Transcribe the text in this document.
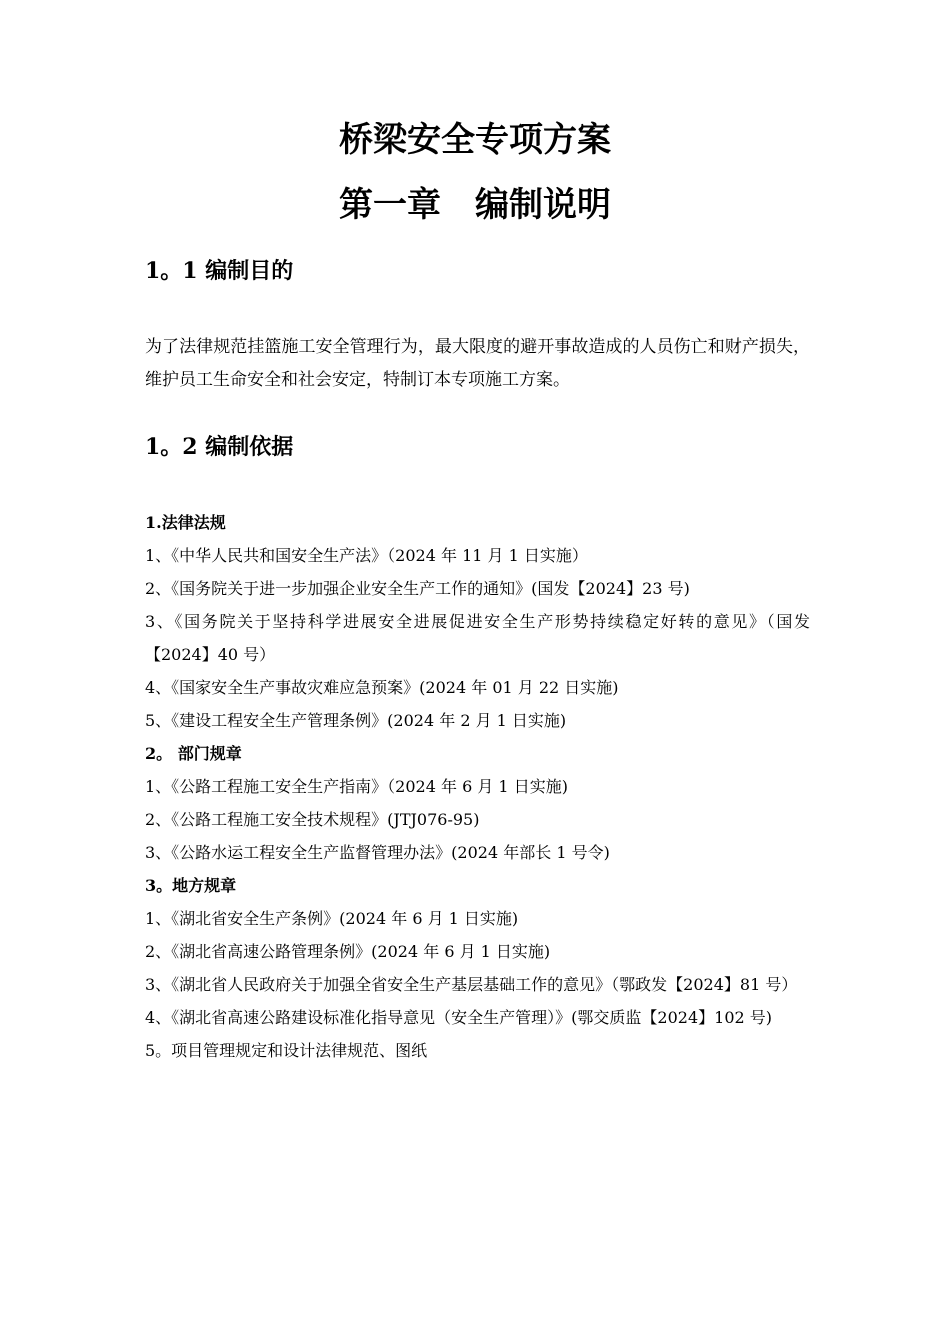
桥梁安全专项方案
第一章　编制说明
1。1 编制目的
为了法律规范挂篮施工安全管理行为，最大限度的避开事故造成的人员伤亡和财产损失，维护员工生命安全和社会安定，特制订本专项施工方案。
1。2 编制依据

1.法律法规

1、《中华人民共和国安全生产法》（2024 年 11 月 1 日实施）

2、《国务院关于进一步加强企业安全生产工作的通知》(国发【2024】23 号)

3、《国务院关于坚持科学进展安全进展促进安全生产形势持续稳定好转的意见》（国发【2024】40 号）

4、《国家安全生产事故灾难应急预案》(2024 年 01 月 22 日实施)

5、《建设工程安全生产管理条例》(2024 年 2 月 1 日实施)

2。 部门规章

1、《公路工程施工安全生产指南》（2024 年 6 月 1 日实施)

2、《公路工程施工安全技术规程》(JTJ076-95)

3、《公路水运工程安全生产监督管理办法》(2024 年部长 1 号令)

3。地方规章

1、《湖北省安全生产条例》(2024 年 6 月 1 日实施)

2、《湖北省高速公路管理条例》(2024 年 6 月 1 日实施)

3、《湖北省人民政府关于加强全省安全生产基层基础工作的意见》（鄂政发【2024】81 号）

4、《湖北省高速公路建设标准化指导意见（安全生产管理）》(鄂交质监【2024】102 号)

5。项目管理规定和设计法律规范、图纸
